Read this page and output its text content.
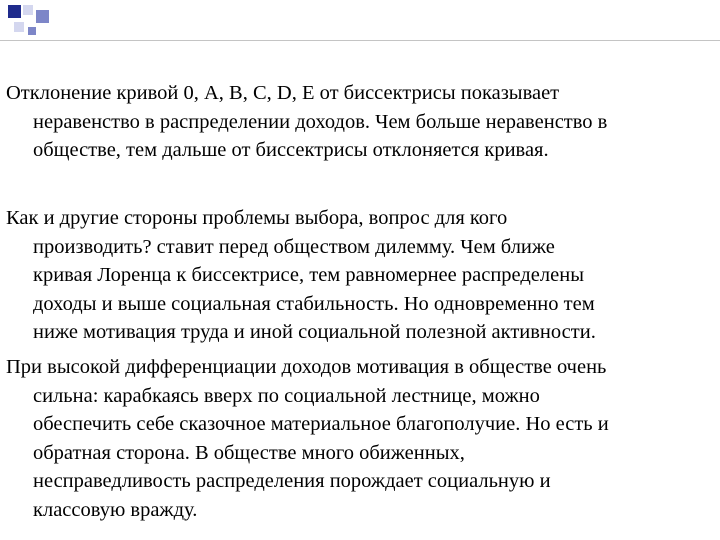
Отклонение кривой 0, А, В, С, D, Е от биссектрисы показывает
неравенство в распределении доходов. Чем больше неравенство в
обществе, тем дальше от биссектрисы отклоняется кривая.
Как и другие стороны проблемы выбора, вопрос для кого
производить? ставит перед обществом дилемму. Чем ближе
кривая Лоренца к биссектрисе, тем равномернее распределены
доходы и выше социальная стабильность. Но одновременно тем
ниже мотивация труда и иной социальной полезной активности.
При высокой дифференциации доходов мотивация в обществе очень
сильна: карабкаясь вверх по социальной лестнице, можно
обеспечить себе сказочное материальное благополучие. Но есть и
обратная сторона. В обществе много обиженных,
несправедливость распределения порождает социальную и
классовую вражду.
